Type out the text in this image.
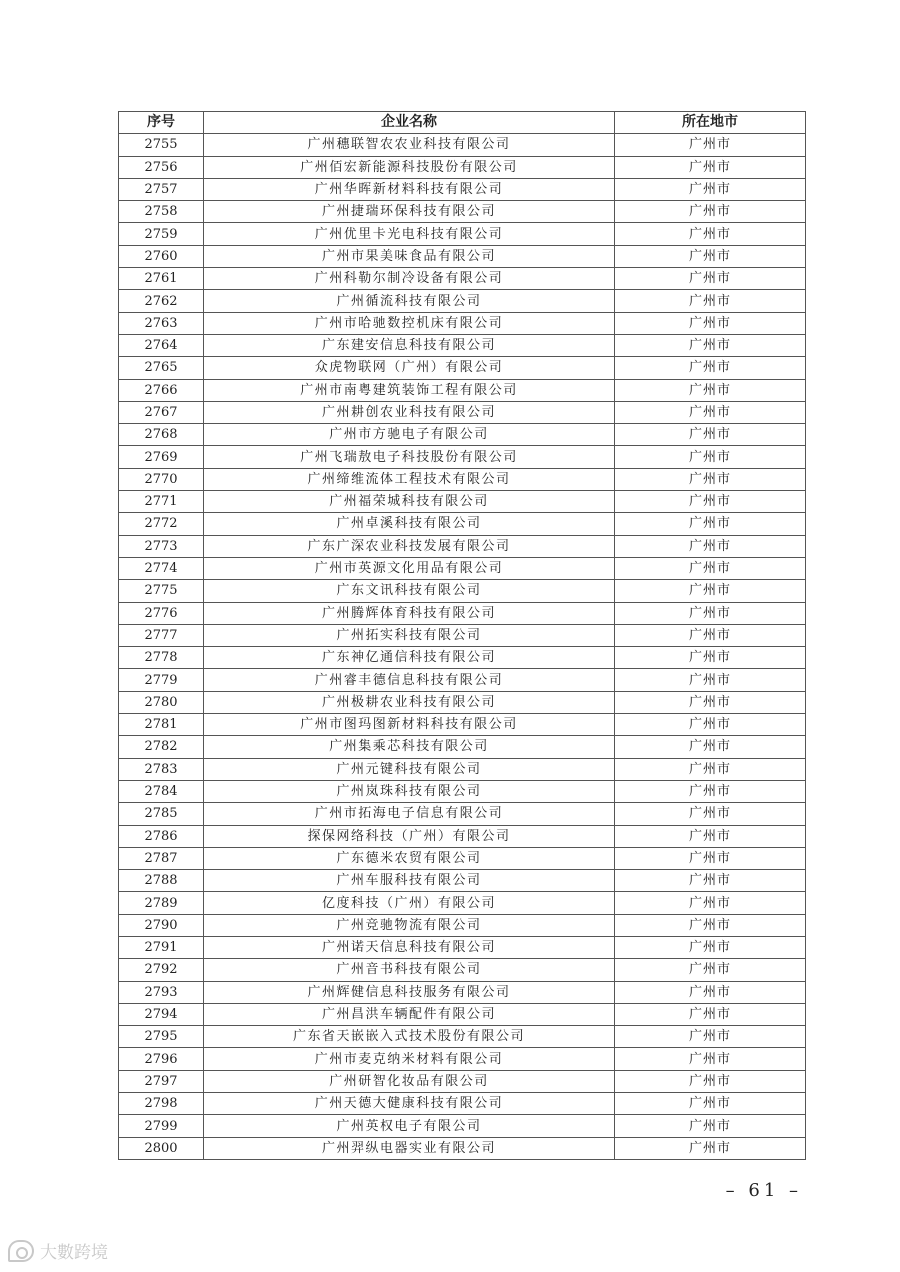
序号	企业名称	所在地市
2755	广州穗联智农农业科技有限公司	广州市
2756	广州佰宏新能源科技股份有限公司	广州市
2757	广州华晖新材料科技有限公司	广州市
2758	广州捷瑞环保科技有限公司	广州市
2759	广州优里卡光电科技有限公司	广州市
2760	广州市果美味食品有限公司	广州市
2761	广州科勒尔制冷设备有限公司	广州市
2762	广州循流科技有限公司	广州市
2763	广州市哈驰数控机床有限公司	广州市
2764	广东建安信息科技有限公司	广州市
2765	众虎物联网（广州）有限公司	广州市
2766	广州市南粤建筑装饰工程有限公司	广州市
2767	广州耕创农业科技有限公司	广州市
2768	广州市方驰电子有限公司	广州市
2769	广州飞瑞敖电子科技股份有限公司	广州市
2770	广州缔维流体工程技术有限公司	广州市
2771	广州福荣城科技有限公司	广州市
2772	广州卓溪科技有限公司	广州市
2773	广东广深农业科技发展有限公司	广州市
2774	广州市英源文化用品有限公司	广州市
2775	广东文讯科技有限公司	广州市
2776	广州腾辉体育科技有限公司	广州市
2777	广州拓实科技有限公司	广州市
2778	广东神亿通信科技有限公司	广州市
2779	广州睿丰德信息科技有限公司	广州市
2780	广州极耕农业科技有限公司	广州市
2781	广州市图玛图新材料科技有限公司	广州市
2782	广州集乘芯科技有限公司	广州市
2783	广州元键科技有限公司	广州市
2784	广州岚珠科技有限公司	广州市
2785	广州市拓海电子信息有限公司	广州市
2786	探保网络科技（广州）有限公司	广州市
2787	广东德米农贸有限公司	广州市
2788	广州车服科技有限公司	广州市
2789	亿度科技（广州）有限公司	广州市
2790	广州竞驰物流有限公司	广州市
2791	广州诺天信息科技有限公司	广州市
2792	广州音书科技有限公司	广州市
2793	广州辉健信息科技服务有限公司	广州市
2794	广州昌洪车辆配件有限公司	广州市
2795	广东省天嵌嵌入式技术股份有限公司	广州市
2796	广州市麦克纳米材料有限公司	广州市
2797	广州研智化妆品有限公司	广州市
2798	广州天德大健康科技有限公司	广州市
2799	广州英权电子有限公司	广州市
2800	广州羿纵电器实业有限公司	广州市
– 61 –
大數跨境
